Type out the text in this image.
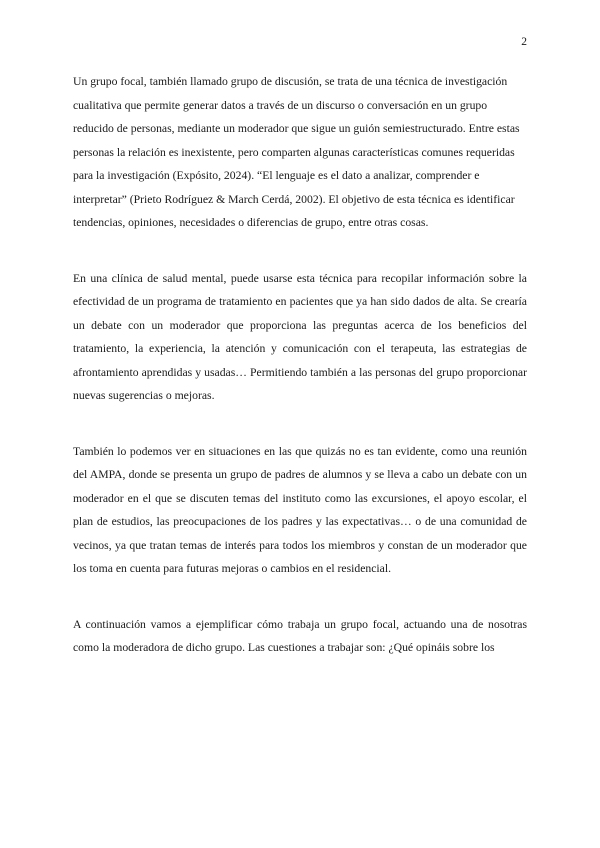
2

Un grupo focal, también llamado grupo de discusión, se trata de una técnica de investigación cualitativa que permite generar datos a través de un discurso o conversación en un grupo reducido de personas, mediante un moderador que sigue un guión semiestructurado. Entre estas personas la relación es inexistente, pero comparten algunas características comunes requeridas para la investigación (Expósito, 2024). “El lenguaje es el dato a analizar, comprender e interpretar” (Prieto Rodríguez & March Cerdá, 2002). El objetivo de esta técnica es identificar tendencias, opiniones, necesidades o diferencias de grupo, entre otras cosas.

En una clínica de salud mental, puede usarse esta técnica para recopilar información sobre la efectividad de un programa de tratamiento en pacientes que ya han sido dados de alta. Se crearía un debate con un moderador que proporciona las preguntas acerca de los beneficios del tratamiento, la experiencia, la atención y comunicación con el terapeuta, las estrategias de afrontamiento aprendidas y usadas… Permitiendo también a las personas del grupo proporcionar nuevas sugerencias o mejoras.

También lo podemos ver en situaciones en las que quizás no es tan evidente, como una reunión del AMPA, donde se presenta un grupo de padres de alumnos y se lleva a cabo un debate con un moderador en el que se discuten temas del instituto como las excursiones, el apoyo escolar, el plan de estudios, las preocupaciones de los padres y las expectativas… o de una comunidad de vecinos, ya que tratan temas de interés para todos los miembros y constan de un moderador que los toma en cuenta para futuras mejoras o cambios en el residencial.

A continuación vamos a ejemplificar cómo trabaja un grupo focal, actuando una de nosotras como la moderadora de dicho grupo. Las cuestiones a trabajar son: ¿Qué opináis sobre los
